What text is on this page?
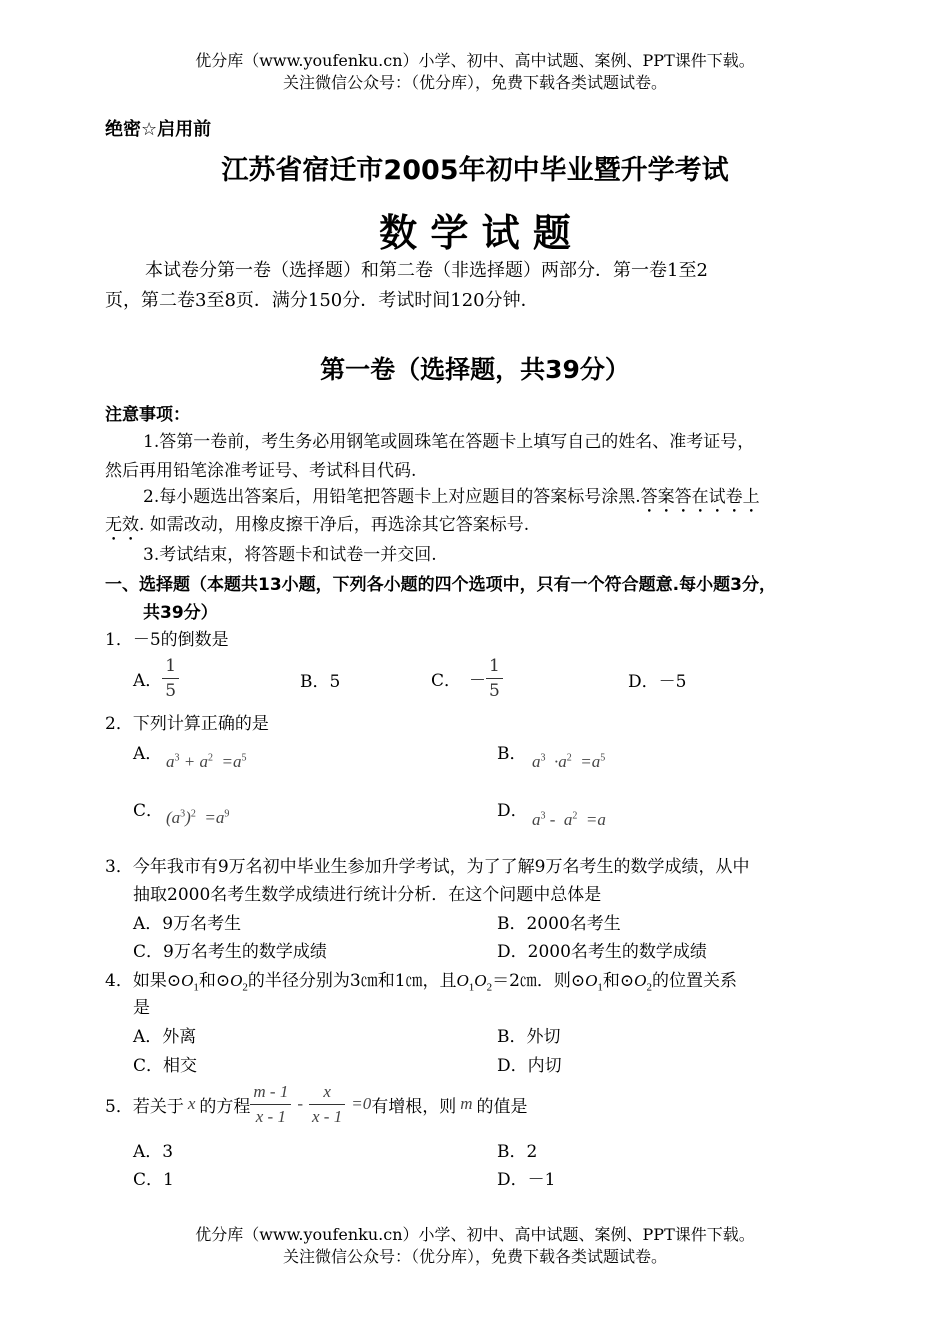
优分库（www.youfenku.cn）小学、初中、高中试题、案例、PPT课件下载。
关注微信公众号：（优分库），免费下载各类试题试卷。
绝密☆启用前
江苏省宿迁市2005年初中毕业暨升学考试
数 学 试 题
本试卷分第一卷（选择题）和第二卷（非选择题）两部分．第一卷1至2
页，第二卷3至8页．满分150分．考试时间120分钟．
第一卷（选择题，共39分）
注意事项：
1.答第一卷前，考生务必用钢笔或圆珠笔在答题卡上填写自己的姓名、准考证号，
然后再用铅笔涂准考证号、考试科目代码.
2.每小题选出答案后，用铅笔把答题卡上对应题目的答案标号涂黑.答案答在试卷上
无效. 如需改动，用橡皮擦干净后，再选涂其它答案标号.
3.考试结束，将答题卡和试卷一并交回.
一、选择题（本题共13小题，下列各小题的四个选项中，只有一个符合题意.每小题3分，
共39分）
1．－5的倒数是
A． $\frac{1}{5}$	B．5	C． － $\frac{1}{5}$	D．－5
2．下列计算正确的是
A． $a^3 + a^2 =a^5$	B． $a^3 \cdot a^2 =a^5$
C． $(a^3)^2 =a^9$	D． $a^3 - a^2 =a$
3．今年我市有9万名初中毕业生参加升学考试，为了了解9万名考生的数学成绩，从中
抽取2000名考生数学成绩进行统计分析．在这个问题中总体是
A．9万名考生	B．2000名考生
C．9万名考生的数学成绩	D．2000名考生的数学成绩
4．如果$⊙O_1$和$⊙O_2$的半径分别为3㎝和1㎝，且$O_1O_2=2㎝$．则$⊙O_1$和$⊙O_2$的位置关系
是
A．外离	B．外切
C．相交	D．内切
5．若关于 x 的方程 $\frac{m - 1}{x - 1} - \frac{x}{x - 1} =0$ 有增根，则 m 的值是
A．3	B．2
C．1	D．－1
优分库（www.youfenku.cn）小学、初中、高中试题、案例、PPT课件下载。
关注微信公众号：（优分库），免费下载各类试题试卷。
